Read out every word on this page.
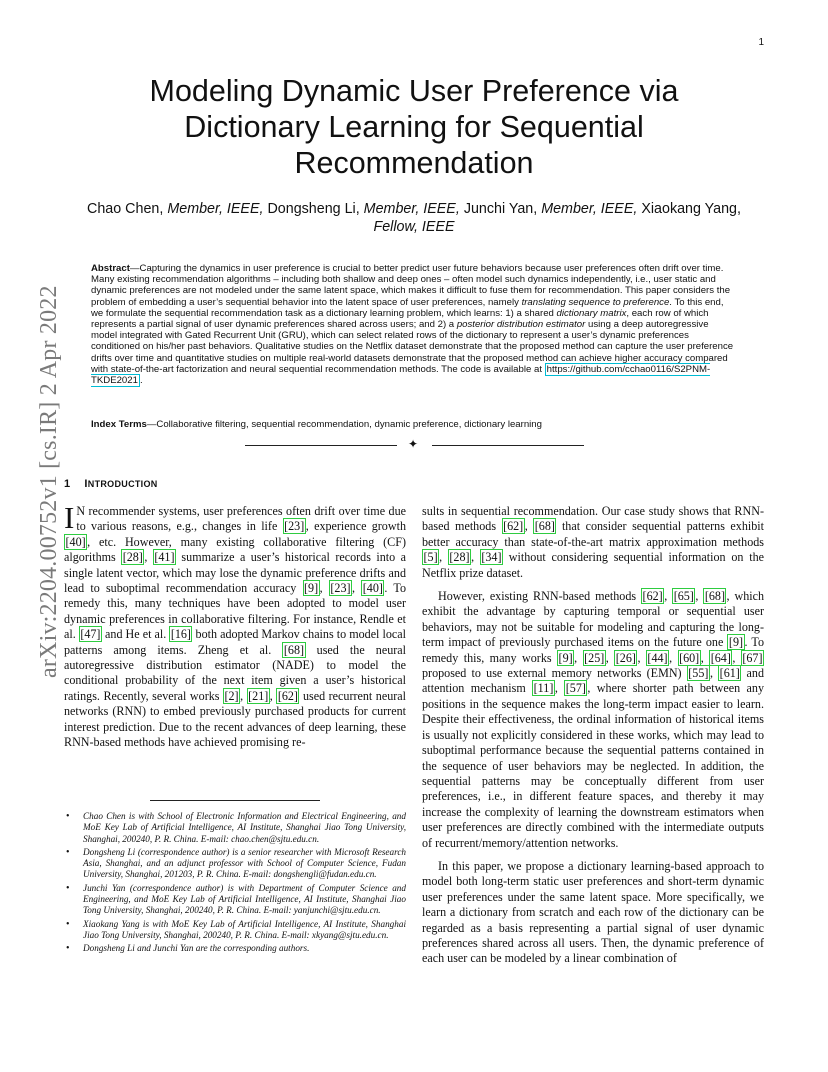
1
arXiv:2204.00752v1 [cs.IR] 2 Apr 2022
Modeling Dynamic User Preference via
Dictionary Learning for Sequential
Recommendation
Chao Chen, Member, IEEE, Dongsheng Li, Member, IEEE, Junchi Yan, Member, IEEE, Xiaokang Yang, Fellow, IEEE
Abstract—Capturing the dynamics in user preference is crucial to better predict user future behaviors because user preferences often drift over time. Many existing recommendation algorithms – including both shallow and deep ones – often model such dynamics independently, i.e., user static and dynamic preferences are not modeled under the same latent space, which makes it difficult to fuse them for recommendation. This paper considers the problem of embedding a user’s sequential behavior into the latent space of user preferences, namely translating sequence to preference. To this end, we formulate the sequential recommendation task as a dictionary learning problem, which learns: 1) a shared dictionary matrix, each row of which represents a partial signal of user dynamic preferences shared across users; and 2) a posterior distribution estimator using a deep autoregressive model integrated with Gated Recurrent Unit (GRU), which can select related rows of the dictionary to represent a user’s dynamic preferences conditioned on his/her past behaviors. Qualitative studies on the Netflix dataset demonstrate that the proposed method can capture the user preference drifts over time and quantitative studies on multiple real-world datasets demonstrate that the proposed method can achieve higher accuracy compared with state-of-the-art factorization and neural sequential recommendation methods. The code is available at https://github.com/cchao0116/S2PNM-TKDE2021 .
Index Terms—Collaborative filtering, sequential recommendation, dynamic preference, dictionary learning
✦
1 INTRODUCTION

I N recommender systems, user preferences often drift over time due to various reasons, e.g., changes in life [23] , experience growth [40] , etc. However, many existing collaborative filtering (CF) algorithms [28] , [41] summarize a user’s historical records into a single latent vector, which may lose the dynamic preference drifts and lead to suboptimal recommendation accuracy [9] , [23] , [40] . To remedy this, many techniques have been adopted to model user dynamic preferences in collaborative filtering. For instance, Rendle et al. [47] and He et al. [16] both adopted Markov chains to model local patterns among items. Zheng et al. [68] used the neural autoregressive distribution estimator (NADE) to model the conditional probability of the next item given a user’s historical ratings. Recently, several works [2] , [21] , [62] used recurrent neural networks (RNN) to embed previously purchased products for current interest prediction. Due to the recent advances of deep learning, these RNN-based methods have achieved promising re-

sults in sequential recommendation. Our case study shows that RNN-based methods [62] , [68] that consider sequential patterns exhibit better accuracy than state-of-the-art matrix approximation methods [5] , [28] , [34] without considering sequential information on the Netflix prize dataset.

However, existing RNN-based methods [62] , [65] , [68] , which exhibit the advantage by capturing temporal or sequential user behaviors, may not be suitable for modeling and capturing the long-term impact of previously purchased items on the future one [9] . To remedy this, many works [9] , [25] , [26] , [44] , [60] , [64] , [67] proposed to use external memory networks (EMN) [55] , [61] and attention mechanism [11] , [57] , where shorter path between any positions in the sequence makes the long-term impact easier to learn. Despite their effectiveness, the ordinal information of historical items is usually not explicitly considered in these works, which may lead to suboptimal performance because the sequential patterns contained in the sequence of user behaviors may be neglected. In addition, the sequential patterns may be conceptually different from user preferences, i.e., in different feature spaces, and thereby it may increase the complexity of learning the downstream estimators when user preferences are directly combined with the intermediate outputs of recurrent/memory/attention networks.

In this paper, we propose a dictionary learning-based approach to model both long-term static user preferences and short-term dynamic user preferences under the same latent space. More specifically, we learn a dictionary from scratch and each row of the dictionary can be regarded as a basis representing a partial signal of user dynamic preferences shared across all users. Then, the dynamic preference of each user can be modeled by a linear combination of

• Chao Chen is with School of Electronic Information and Electrical Engineering, and MoE Key Lab of Artificial Intelligence, AI Institute, Shanghai Jiao Tong University, Shanghai, 200240, P. R. China. E-mail: chao.chen@sjtu.edu.cn.
• Dongsheng Li (correspondence author) is a senior researcher with Microsoft Research Asia, Shanghai, and an adjunct professor with School of Computer Science, Fudan University, Shanghai, 201203, P. R. China. E-mail: dongshengli@fudan.edu.cn.
• Junchi Yan (correspondence author) is with Department of Computer Science and Engineering, and MoE Key Lab of Artificial Intelligence, AI Institute, Shanghai Jiao Tong University, Shanghai, 200240, P. R. China. E-mail: yanjunchi@sjtu.edu.cn.
• Xiaokang Yang is with MoE Key Lab of Artificial Intelligence, AI Institute, Shanghai Jiao Tong University, Shanghai, 200240, P. R. China. E-mail: xkyang@sjtu.edu.cn.
• Dongsheng Li and Junchi Yan are the corresponding authors.
